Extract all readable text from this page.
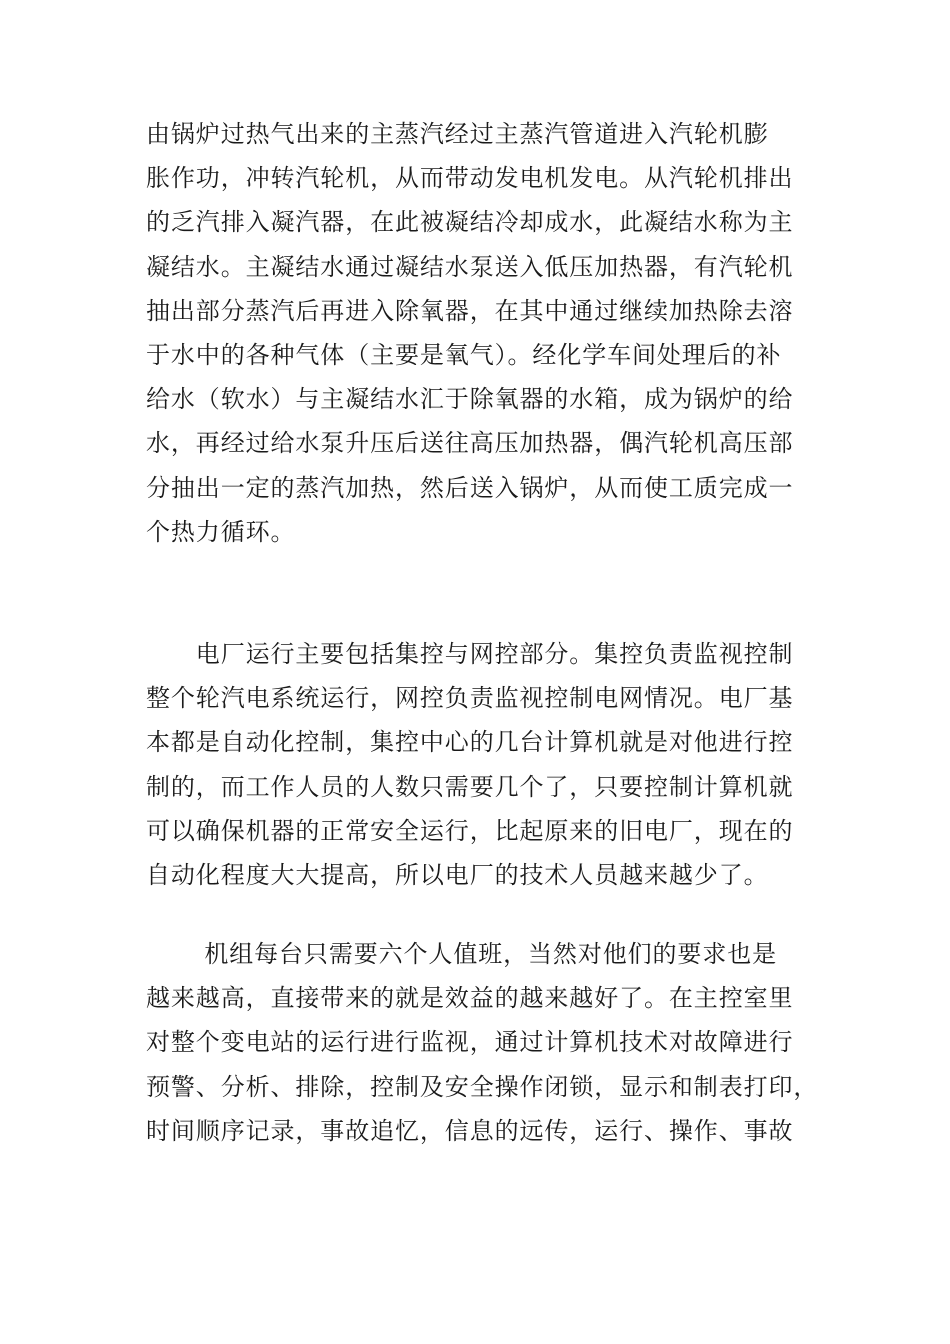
由锅炉过热气出来的主蒸汽经过主蒸汽管道进入汽轮机膨
胀作功，冲转汽轮机，从而带动发电机发电。从汽轮机排出
的乏汽排入凝汽器，在此被凝结冷却成水，此凝结水称为主
凝结水。主凝结水通过凝结水泵送入低压加热器，有汽轮机
抽出部分蒸汽后再进入除氧器，在其中通过继续加热除去溶
于水中的各种气体（主要是氧气）。经化学车间处理后的补
给水（软水）与主凝结水汇于除氧器的水箱，成为锅炉的给
水，再经过给水泵升压后送往高压加热器，偶汽轮机高压部
分抽出一定的蒸汽加热，然后送入锅炉，从而使工质完成一
个热力循环。
　　电厂运行主要包括集控与网控部分。集控负责监视控制
整个轮汽电系统运行，网控负责监视控制电网情况。电厂基
本都是自动化控制，集控中心的几台计算机就是对他进行控
制的，而工作人员的人数只需要几个了，只要控制计算机就
可以确保机器的正常安全运行，比起原来的旧电厂，现在的
自动化程度大大提高，所以电厂的技术人员越来越少了。
　　 机组每台只需要六个人值班，当然对他们的要求也是
越来越高，直接带来的就是效益的越来越好了。在主控室里
对整个变电站的运行进行监视，通过计算机技术对故障进行
预警、分析、排除，控制及安全操作闭锁，显示和制表打印，
时间顺序记录，事故追忆，信息的远传，运行、操作、事故
